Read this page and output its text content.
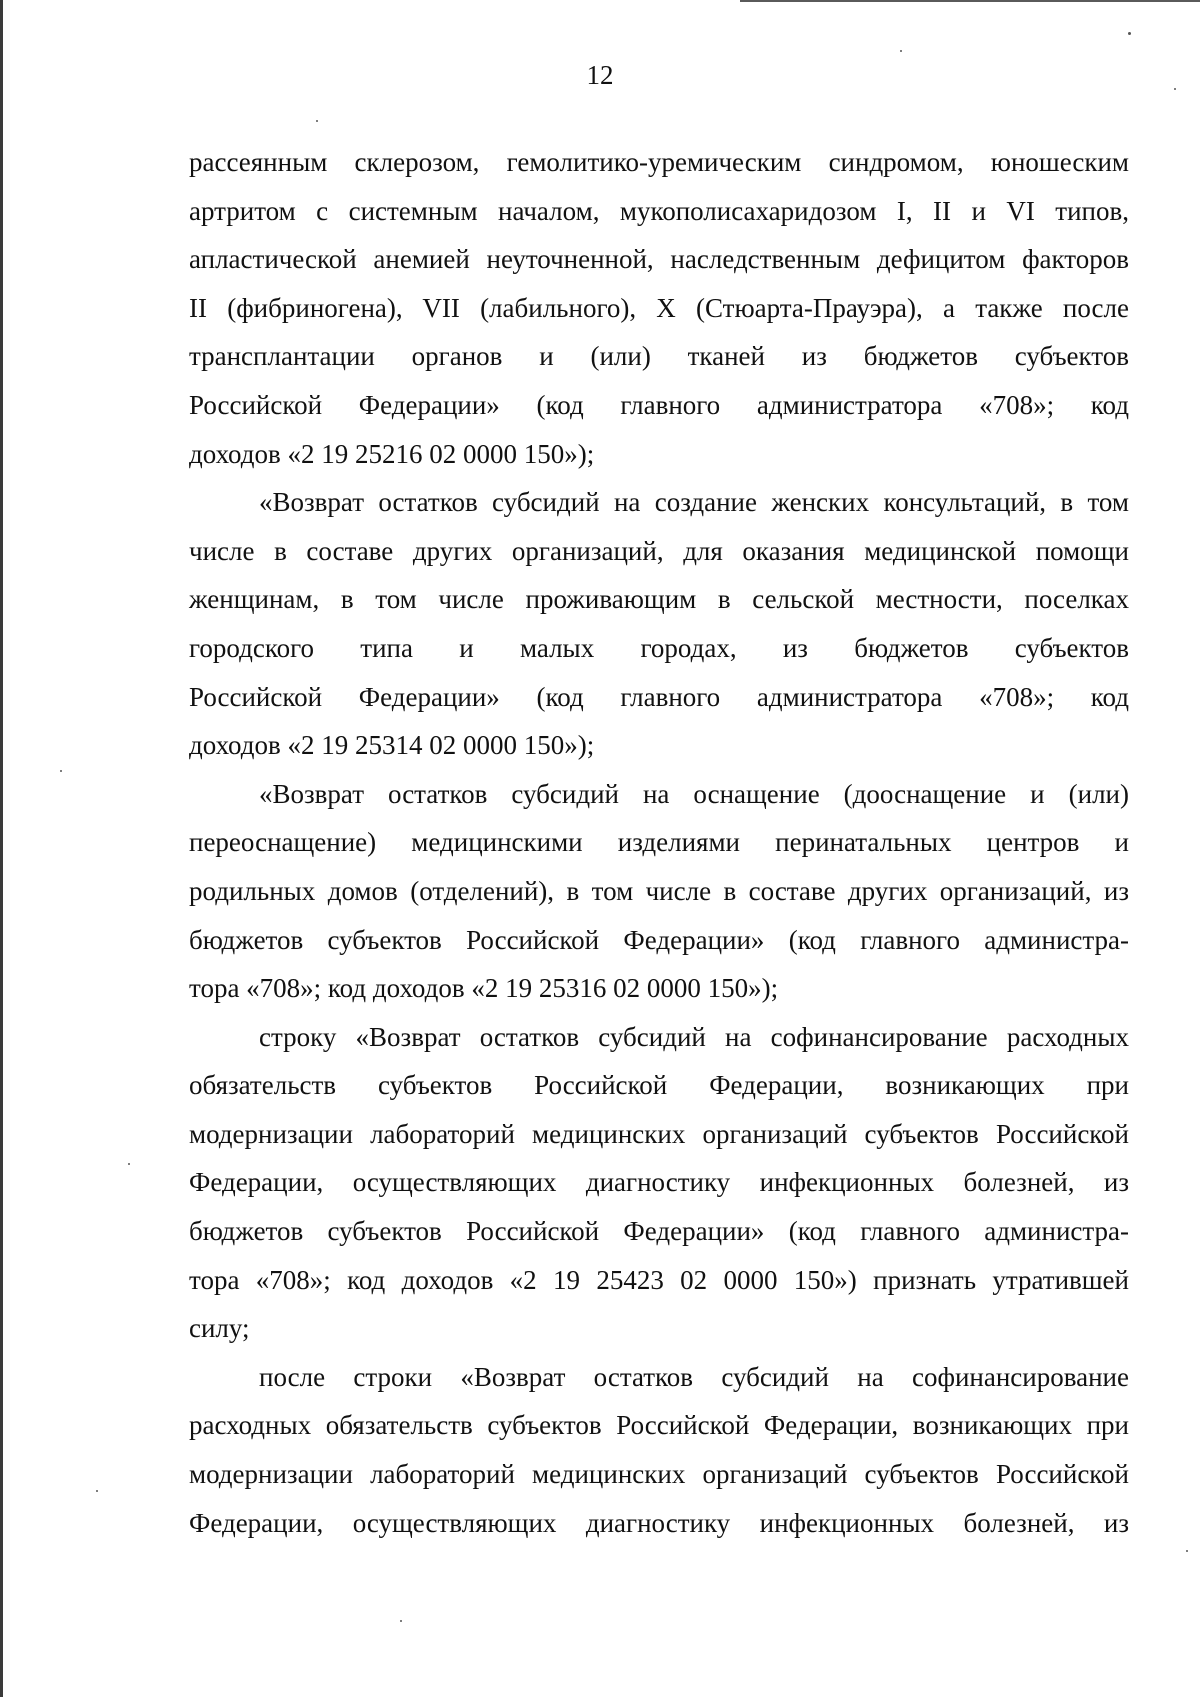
12

рассеянным склерозом, гемолитико-уремическим синдромом, юношеским
артритом с системным началом, мукополисахаридозом I, II и VI типов,
апластической анемией неуточненной, наследственным дефицитом факторов
II (фибриногена), VII (лабильного), X (Стюарта-Прауэра), а также после
трансплантации органов и (или) тканей из бюджетов субъектов
Российской Федерации» (код главного администратора «708»; код
доходов «2 19 25216 02 0000 150»);

«Возврат остатков субсидий на создание женских консультаций, в том
числе в составе других организаций, для оказания медицинской помощи
женщинам, в том числе проживающим в сельской местности, поселках
городского типа и малых городах, из бюджетов субъектов
Российской Федерации» (код главного администратора «708»; код
доходов «2 19 25314 02 0000 150»);

«Возврат остатков субсидий на оснащение (дооснащение и (или)
переоснащение) медицинскими изделиями перинатальных центров и
родильных домов (отделений), в том числе в составе других организаций, из
бюджетов субъектов Российской Федерации» (код главного администра-
тора «708»; код доходов «2 19 25316 02 0000 150»);

строку «Возврат остатков субсидий на софинансирование расходных
обязательств субъектов Российской Федерации, возникающих при
модернизации лабораторий медицинских организаций субъектов Российской
Федерации, осуществляющих диагностику инфекционных болезней, из
бюджетов субъектов Российской Федерации» (код главного администра-
тора «708»; код доходов «2 19 25423 02 0000 150») признать утратившей
силу;

после строки «Возврат остатков субсидий на софинансирование
расходных обязательств субъектов Российской Федерации, возникающих при
модернизации лабораторий медицинских организаций субъектов Российской
Федерации, осуществляющих диагностику инфекционных болезней, из
